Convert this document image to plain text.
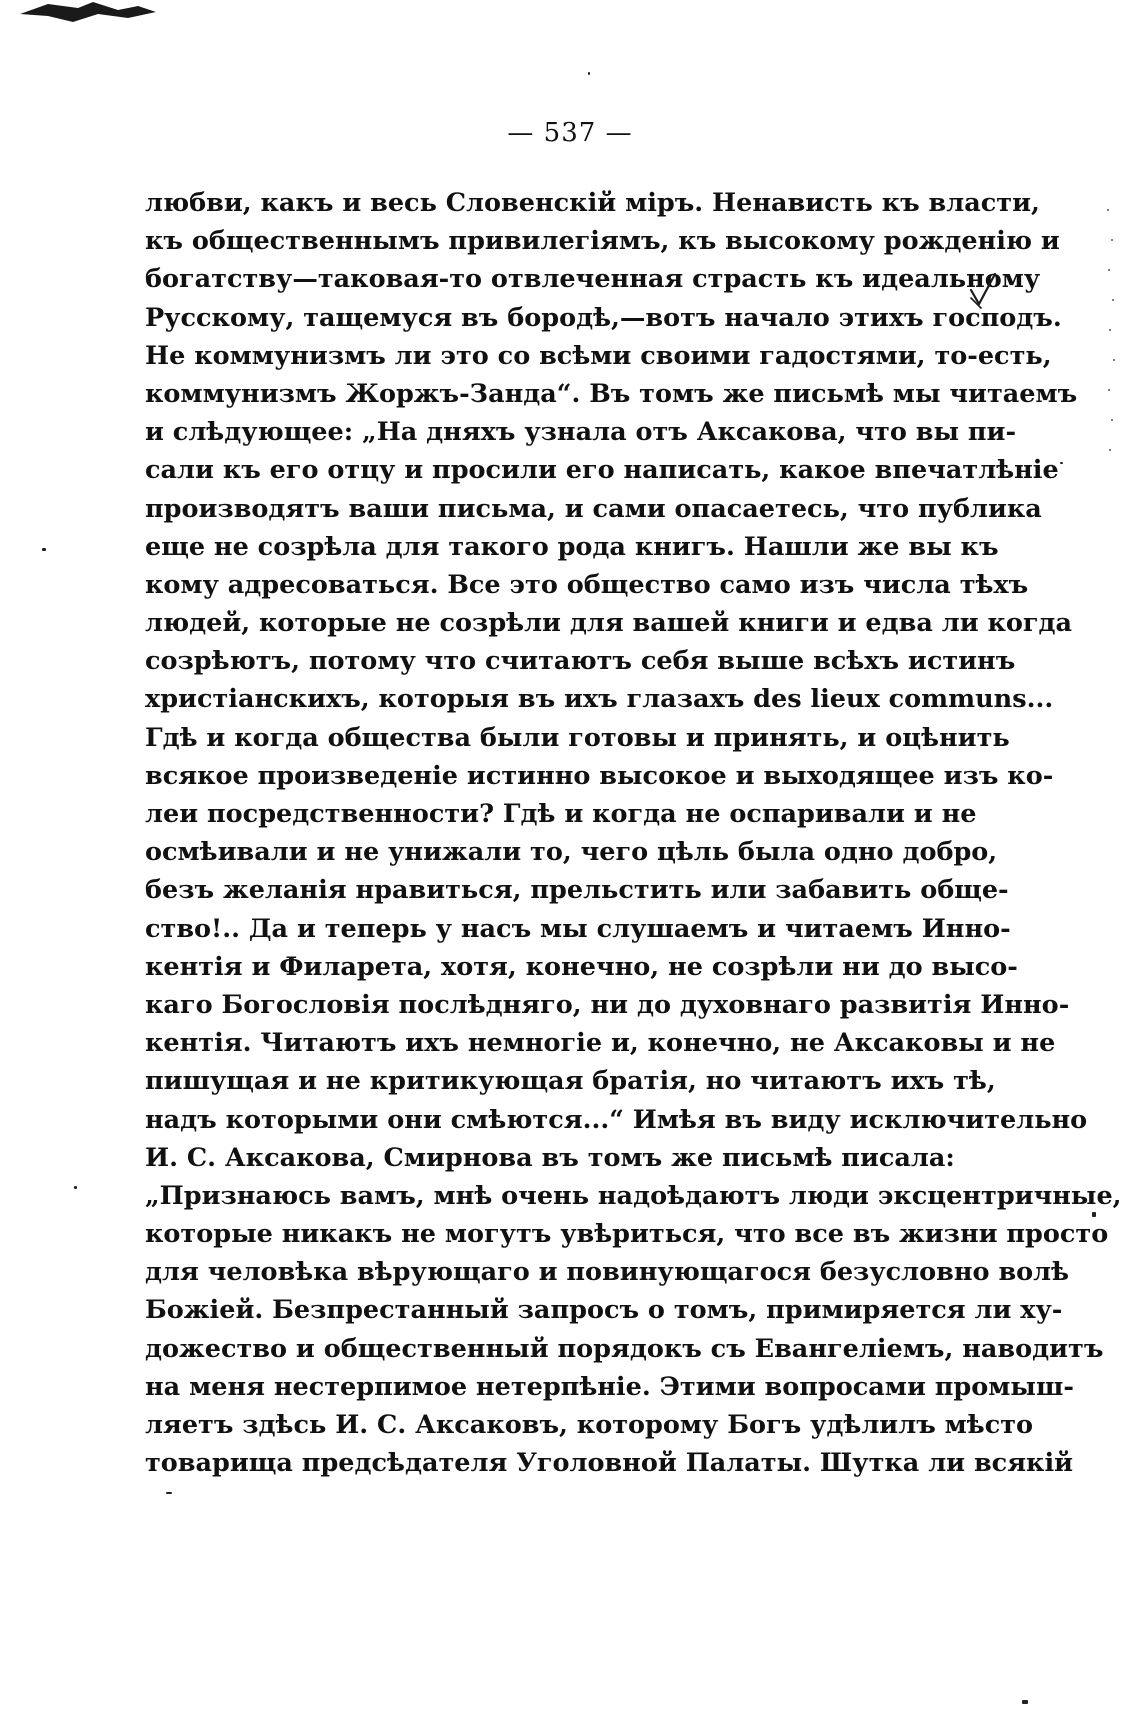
— 537 —
любви, какъ и весь Словенскій міръ. Ненависть къ власти,
къ общественнымъ привилегіямъ, къ высокому рожденію и
богатству—таковая-то отвлеченная страсть къ идеальному
Русскому, тащемуся въ бородѣ,—вотъ начало этихъ господъ.
Не коммунизмъ ли это со всѣми своими гадостями, то-есть,
коммунизмъ Жоржъ-Занда“. Въ томъ же письмѣ мы читаемъ
и слѣдующее: „На дняхъ узнала отъ Аксакова, что вы пи-
сали къ его отцу и просили его написать, какое впечатлѣніе
производятъ ваши письма, и сами опасаетесь, что публика
еще не созрѣла для такого рода книгъ. Нашли же вы къ
кому адресоваться. Все это общество само изъ числа тѣхъ
людей, которые не созрѣли для вашей книги и едва ли когда
созрѣютъ, потому что считаютъ себя выше всѣхъ истинъ
христіанскихъ, которыя въ ихъ глазахъ des lieux communs...
Гдѣ и когда общества были готовы и принять, и оцѣнить
всякое произведеніе истинно высокое и выходящее изъ ко-
леи посредственности? Гдѣ и когда не оспаривали и не
осмѣивали и не унижали то, чего цѣль была одно добро,
безъ желанія нравиться, прельстить или забавить обще-
ство!.. Да и теперь у насъ мы слушаемъ и читаемъ Инно-
кентія и Филарета, хотя, конечно, не созрѣли ни до высо-
каго Богословія послѣдняго, ни до духовнаго развитія Инно-
кентія. Читаютъ ихъ немногіе и, конечно, не Аксаковы и не
пишущая и не критикующая братія, но читаютъ ихъ тѣ,
надъ которыми они смѣются...“ Имѣя въ виду исключительно
И. С. Аксакова, Смирнова въ томъ же письмѣ писала:
„Признаюсь вамъ, мнѣ очень надоѣдаютъ люди эксцентричные,
которые никакъ не могутъ увѣриться, что все въ жизни просто
для человѣка вѣрующаго и повинующагося безусловно волѣ
Божіей. Безпрестанный запросъ о томъ, примиряется ли ху-
дожество и общественный порядокъ съ Евангеліемъ, наводитъ
на меня нестерпимое нетерпѣніе. Этими вопросами промыш-
ляетъ здѣсь И. С. Аксаковъ, которому Богъ удѣлилъ мѣсто
товарища предсѣдателя Уголовной Палаты. Шутка ли всякій
